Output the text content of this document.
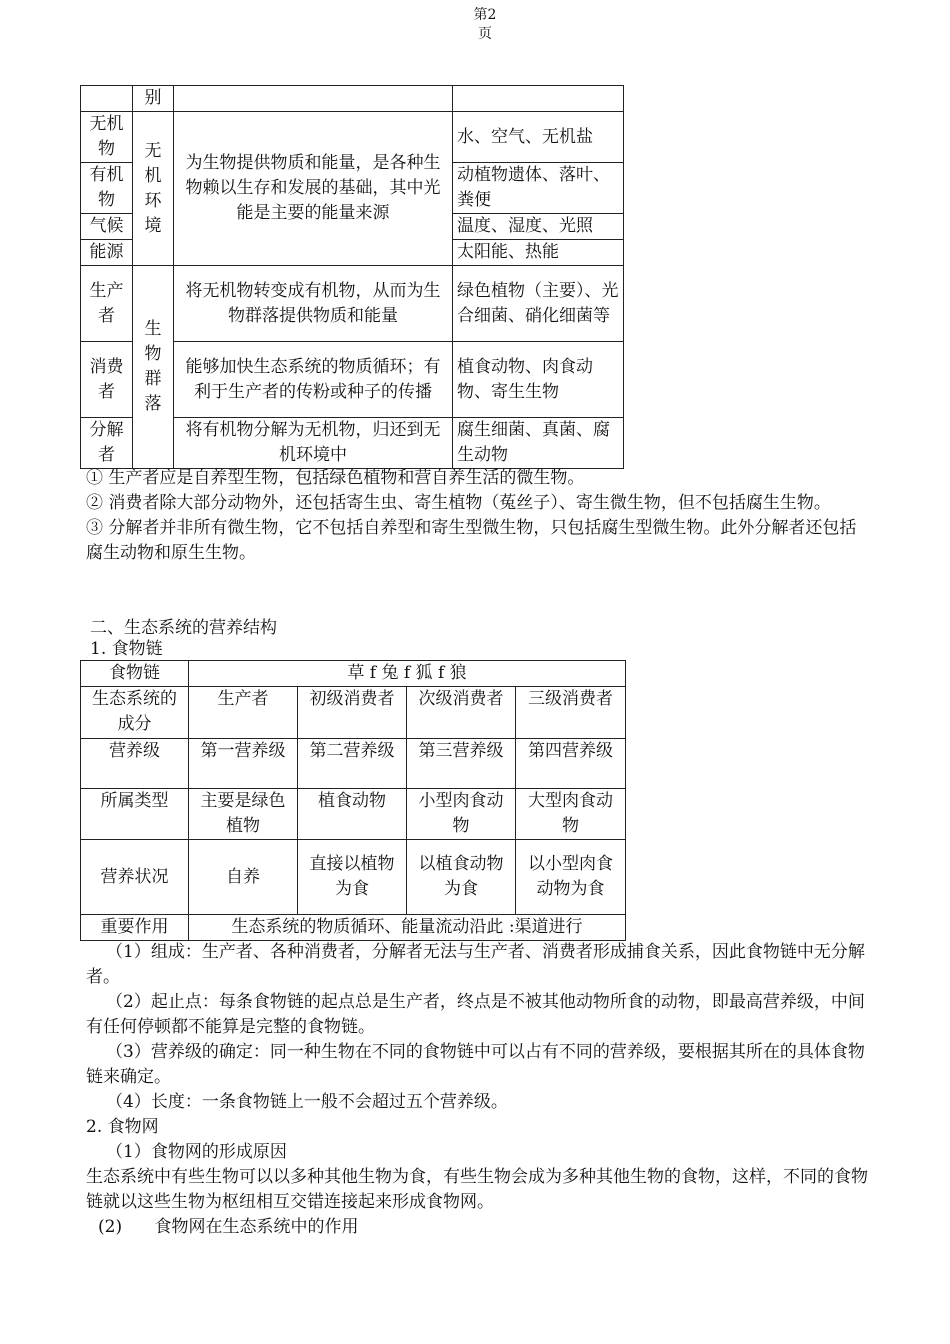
第2
页
	别		
无机物	无机环境	为生物提供物质和能量，是各种生物赖以生存和发展的基础，其中光能是主要的能量来源	水、空气、无机盐
有机物			动植物遗体、落叶、粪便
气候			温度、湿度、光照
能源			太阳能、热能
生产者	生物群落	将无机物转变成有机物，从而为生物群落提供物质和能量	绿色植物（主要）、光合细菌、硝化细菌等
消费者		能够加快生态系统的物质循环；有利于生产者的传粉或种子的传播	植食动物、肉食动物、寄生生物
分解者		将有机物分解为无机物，归还到无机环境中	腐生细菌、真菌、腐生动物

① 生产者应是自养型生物，包括绿色植物和营自养生活的微生物。

② 消费者除大部分动物外，还包括寄生虫、寄生植物（菟丝子）、寄生微生物，但不包括腐生生物。

③ 分解者并非所有微生物，它不包括自养型和寄生型微生物，只包括腐生型微生物。此外分解者还包括腐生动物和原生生物。

二、生态系统的营养结构
1. 食物链
食物链	草 f 兔 f 狐 f 狼			
生态系统的成分	生产者	初级消费者	次级消费者	三级消费者
营养级	第一营养级	第二营养级	第三营养级	第四营养级
所属类型	主要是绿色植物	植食动物	小型肉食动物	大型肉食动物
营养状况	自养	直接以植物为食	以植食动物为食	以小型肉食动物为食
重要作用	生态系统的物质循环、能量流动沿此 :渠道进行			

（1）组成：生产者、各种消费者，分解者无法与生产者、消费者形成捕食关系，因此食物链中无分解者。

（2）起止点：每条食物链的起点总是生产者，终点是不被其他动物所食的动物，即最高营养级，中间有任何停顿都不能算是完整的食物链。

（3）营养级的确定：同一种生物在不同的食物链中可以占有不同的营养级，要根据其所在的具体食物链来确定。

（4）长度：一条食物链上一般不会超过五个营养级。

2. 食物网

（1）食物网的形成原因

生态系统中有些生物可以以多种其他生物为食，有些生物会成为多种其他生物的食物，这样，不同的食物链就以这些生物为枢纽相互交错连接起来形成食物网。

(2)      食物网在生态系统中的作用
